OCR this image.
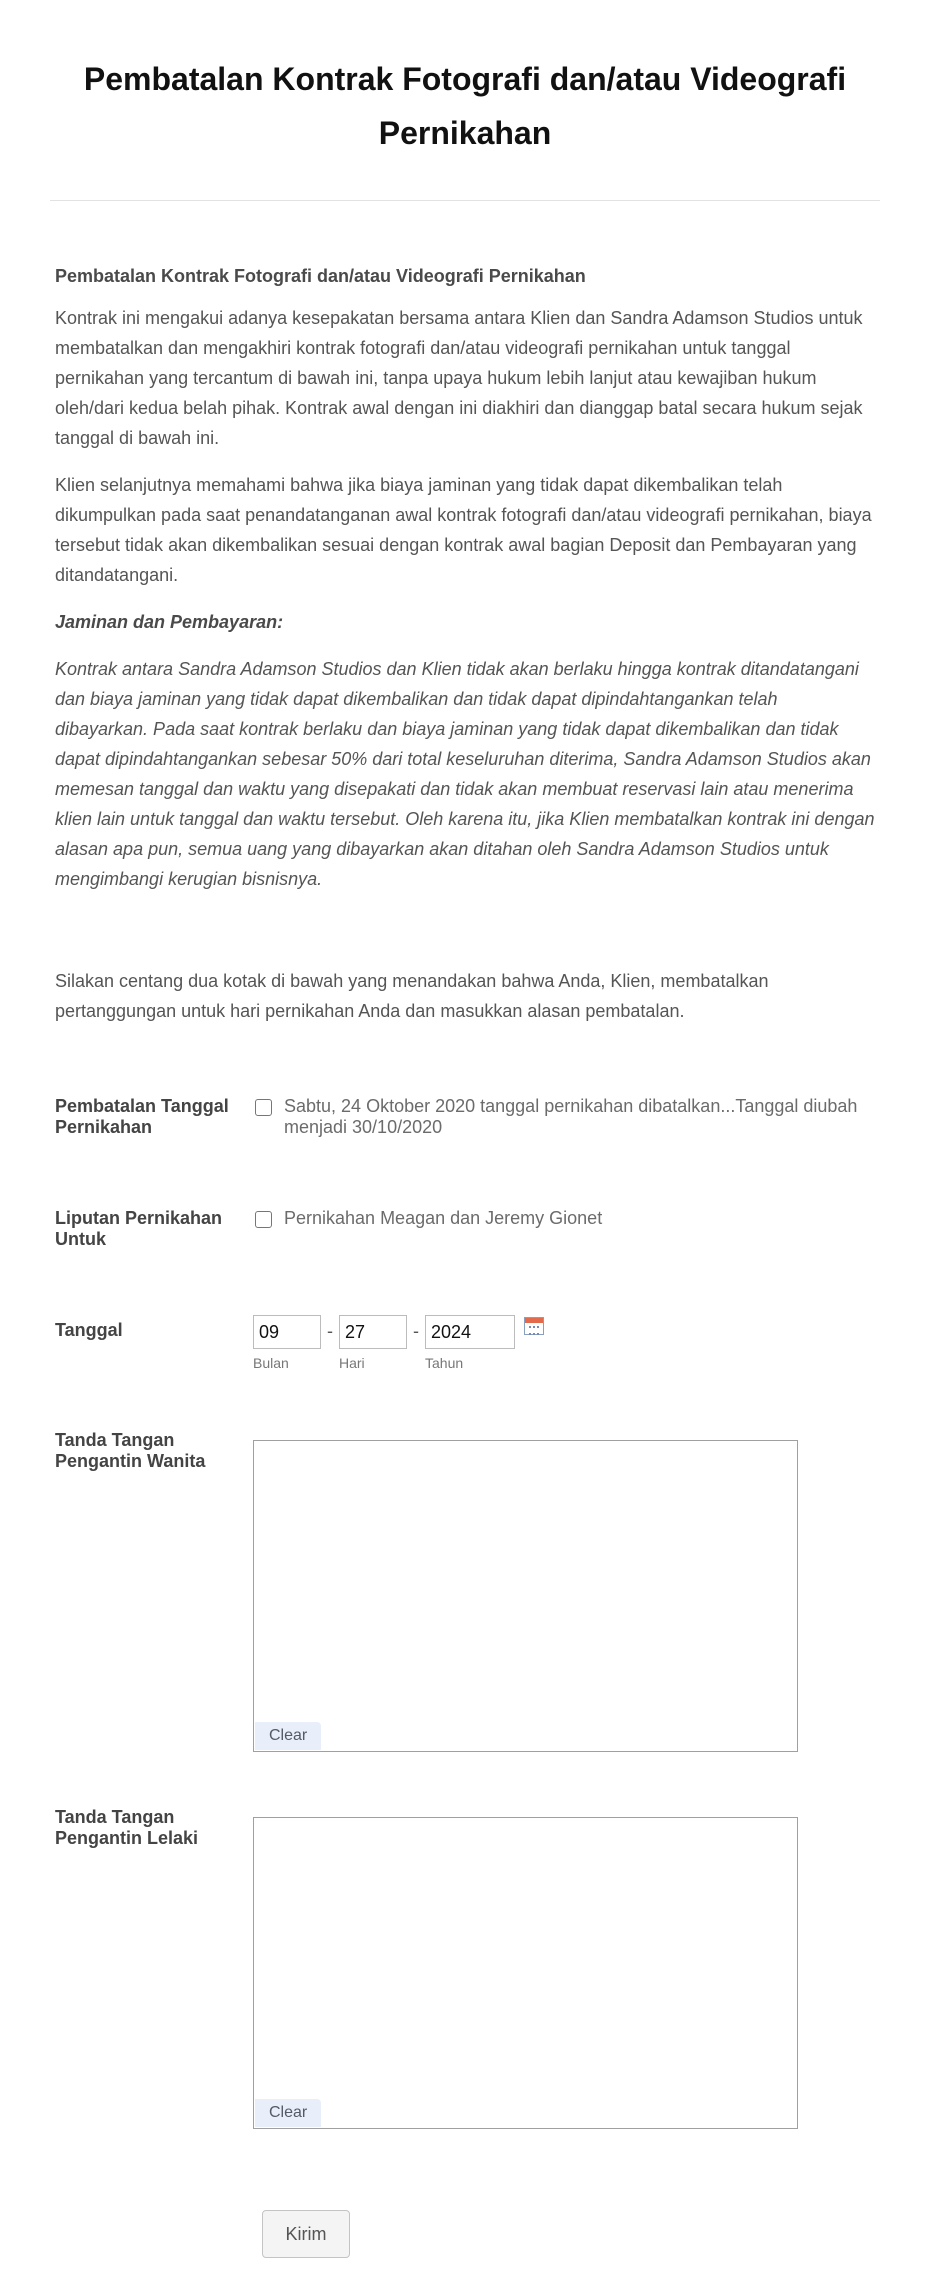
Pembatalan Kontrak Fotografi dan/atau Videografi Pernikahan

Pembatalan Kontrak Fotografi dan/atau Videografi Pernikahan

Kontrak ini mengakui adanya kesepakatan bersama antara Klien dan Sandra Adamson Studios untuk membatalkan dan mengakhiri kontrak fotografi dan/atau videografi pernikahan untuk tanggal pernikahan yang tercantum di bawah ini, tanpa upaya hukum lebih lanjut atau kewajiban hukum oleh/dari kedua belah pihak. Kontrak awal dengan ini diakhiri dan dianggap batal secara hukum sejak tanggal di bawah ini.

Klien selanjutnya memahami bahwa jika biaya jaminan yang tidak dapat dikembalikan telah dikumpulkan pada saat penandatanganan awal kontrak fotografi dan/atau videografi pernikahan, biaya tersebut tidak akan dikembalikan sesuai dengan kontrak awal bagian Deposit dan Pembayaran yang ditandatangani.

Jaminan dan Pembayaran:

Kontrak antara Sandra Adamson Studios dan Klien tidak akan berlaku hingga kontrak ditandatangani dan biaya jaminan yang tidak dapat dikembalikan dan tidak dapat dipindahtangankan telah dibayarkan. Pada saat kontrak berlaku dan biaya jaminan yang tidak dapat dikembalikan dan tidak dapat dipindahtangankan sebesar 50% dari total keseluruhan diterima, Sandra Adamson Studios akan memesan tanggal dan waktu yang disepakati dan tidak akan membuat reservasi lain atau menerima klien lain untuk tanggal dan waktu tersebut. Oleh karena itu, jika Klien membatalkan kontrak ini dengan alasan apa pun, semua uang yang dibayarkan akan ditahan oleh Sandra Adamson Studios untuk mengimbangi kerugian bisnisnya.

Silakan centang dua kotak di bawah yang menandakan bahwa Anda, Klien, membatalkan pertanggungan untuk hari pernikahan Anda dan masukkan alasan pembatalan.

Pembatalan Tanggal Pernikahan
Sabtu, 24 Oktober 2020 tanggal pernikahan dibatalkan...Tanggal diubah menjadi 30/10/2020
Liputan Pernikahan Untuk
Pernikahan Meagan dan Jeremy Gionet
Tanggal	09
Bulan
- 27
Hari
- 2024
Tahun
Tanda Tangan Pengantin Wanita
Clear
Tanda Tangan Pengantin Lelaki
Clear
Kirim
